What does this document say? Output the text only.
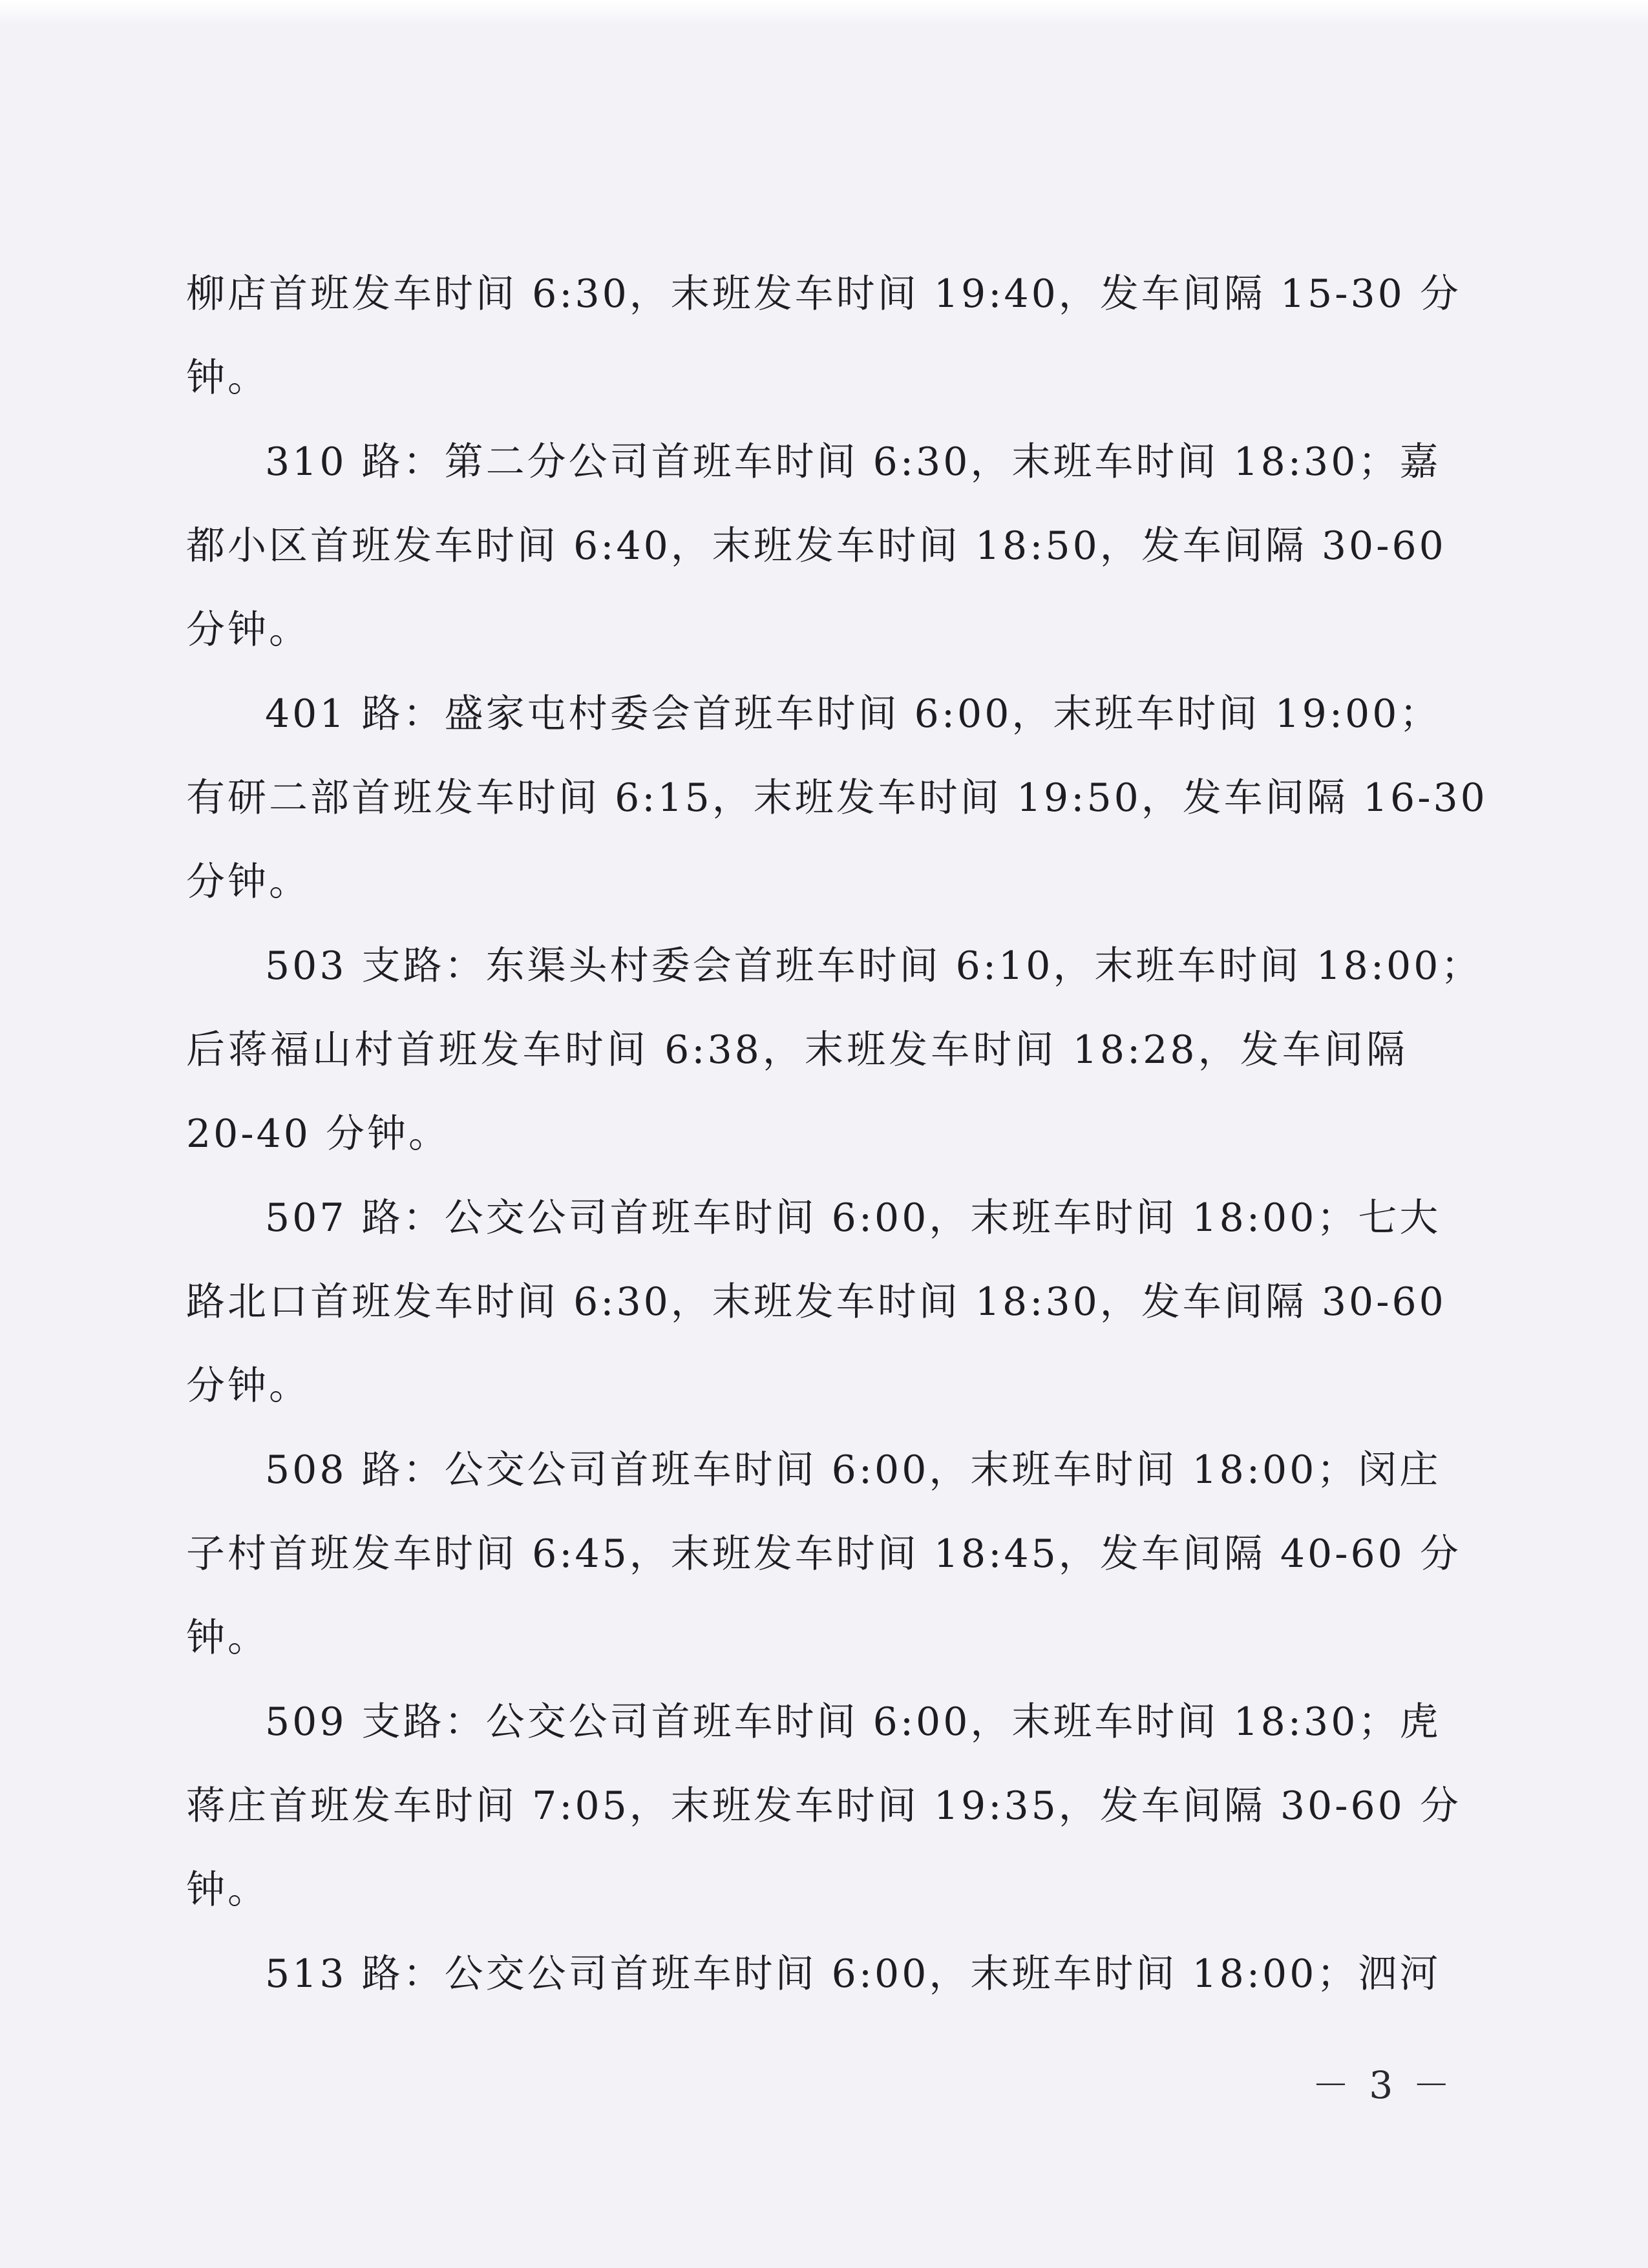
柳店首班发车时间 6:30，末班发车时间 19:40，发车间隔 15-30 分

钟。

310 路：第二分公司首班车时间 6:30，末班车时间 18:30；嘉

都小区首班发车时间 6:40，末班发车时间 18:50，发车间隔 30-60

分钟。

401 路：盛家屯村委会首班车时间 6:00，末班车时间 19:00；

有研二部首班发车时间 6:15，末班发车时间 19:50，发车间隔 16-30

分钟。

503 支路：东渠头村委会首班车时间 6:10，末班车时间 18:00；

后蒋福山村首班发车时间 6:38，末班发车时间 18:28，发车间隔

20-40 分钟。

507 路：公交公司首班车时间 6:00，末班车时间 18:00；七大

路北口首班发车时间 6:30，末班发车时间 18:30，发车间隔 30-60

分钟。

508 路：公交公司首班车时间 6:00，末班车时间 18:00；闵庄

子村首班发车时间 6:45，末班发车时间 18:45，发车间隔 40-60 分

钟。

509 支路：公交公司首班车时间 6:00，末班车时间 18:30；虎

蒋庄首班发车时间 7:05，末班发车时间 19:35，发车间隔 30-60 分

钟。

513 路：公交公司首班车时间 6:00，末班车时间 18:00；泗河

－ 3 －
